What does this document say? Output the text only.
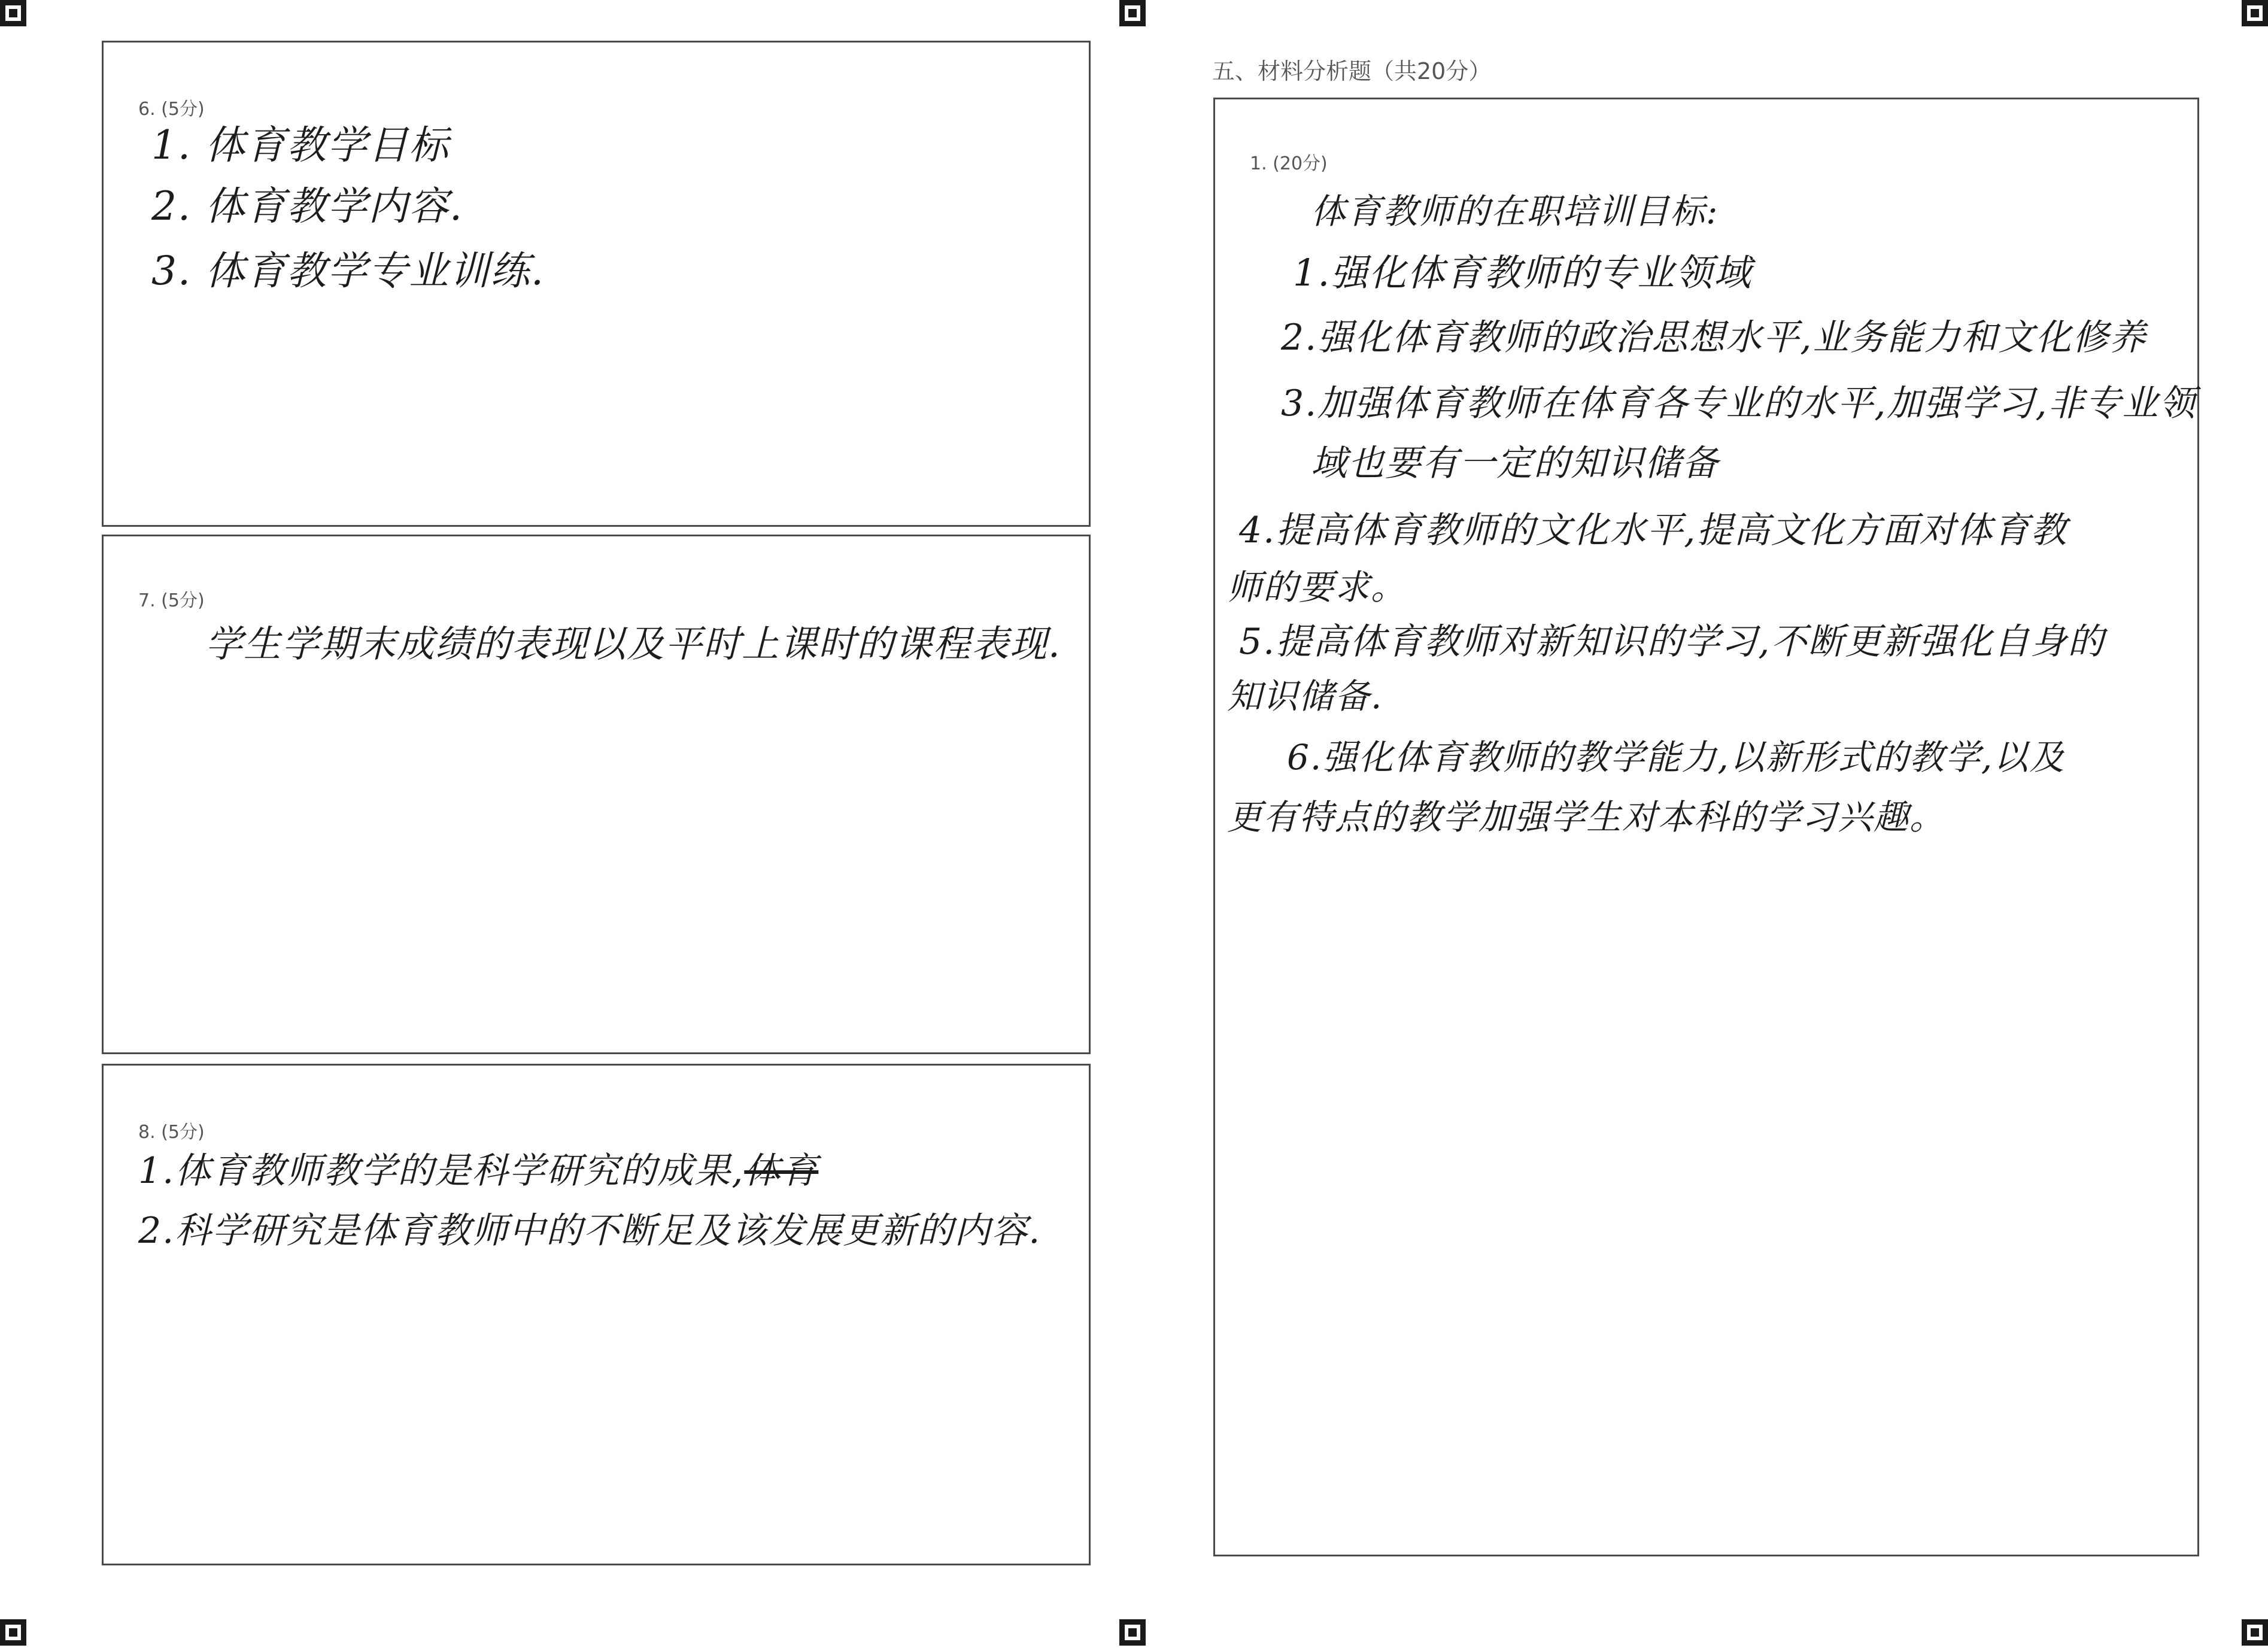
6. (5分)
1. 体育教学目标
2. 体育教学内容.
3. 体育教学专业训练.
7. (5分)
学生学期末成绩的表现以及平时上课时的课程表现.
8. (5分)
1.体育教师教学的是科学研究的成果,体育
2.科学研究是体育教师中的不断足及该发展更新的内容.
五、材料分析题（共20分）
1. (20分)
体育教师的在职培训目标:
1.强化体育教师的专业领域
2.强化体育教师的政治思想水平,业务能力和文化修养
3.加强体育教师在体育各专业的水平,加强学习,非专业领
域也要有一定的知识储备
4.提高体育教师的文化水平,提高文化方面对体育教
师的要求。
5.提高体育教师对新知识的学习,不断更新强化自身的
知识储备.
6.强化体育教师的教学能力,以新形式的教学,以及
更有特点的教学加强学生对本科的学习兴趣。
